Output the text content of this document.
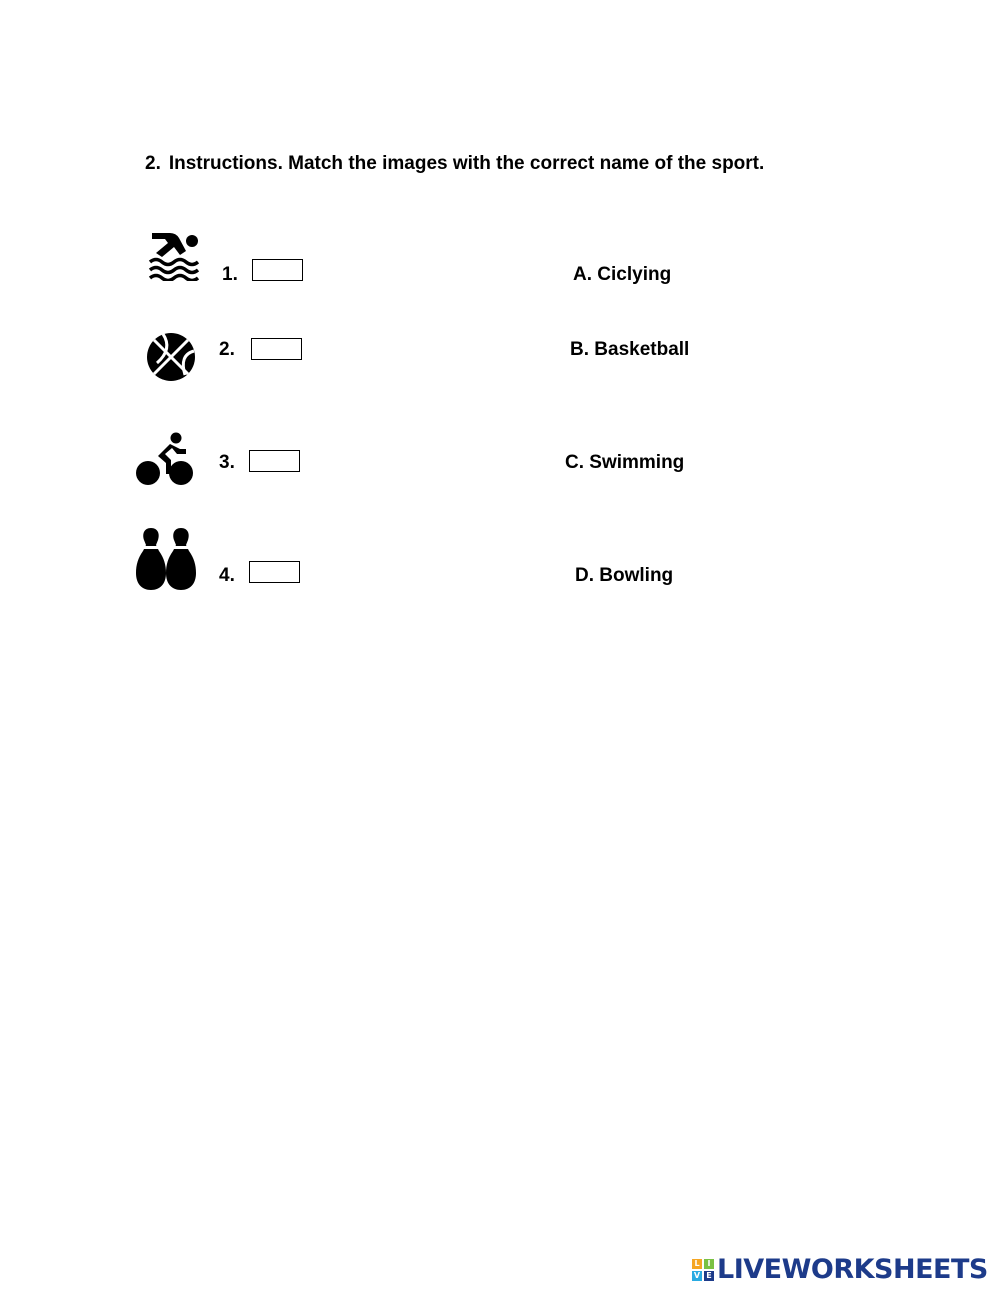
2. Instructions. Match the images with the correct name of the sport.
1.
2.
3.
4.
A. Ciclying
B. Basketball
C. Swimming
D. Bowling
L I
V E LIVEWORKSHEETS
